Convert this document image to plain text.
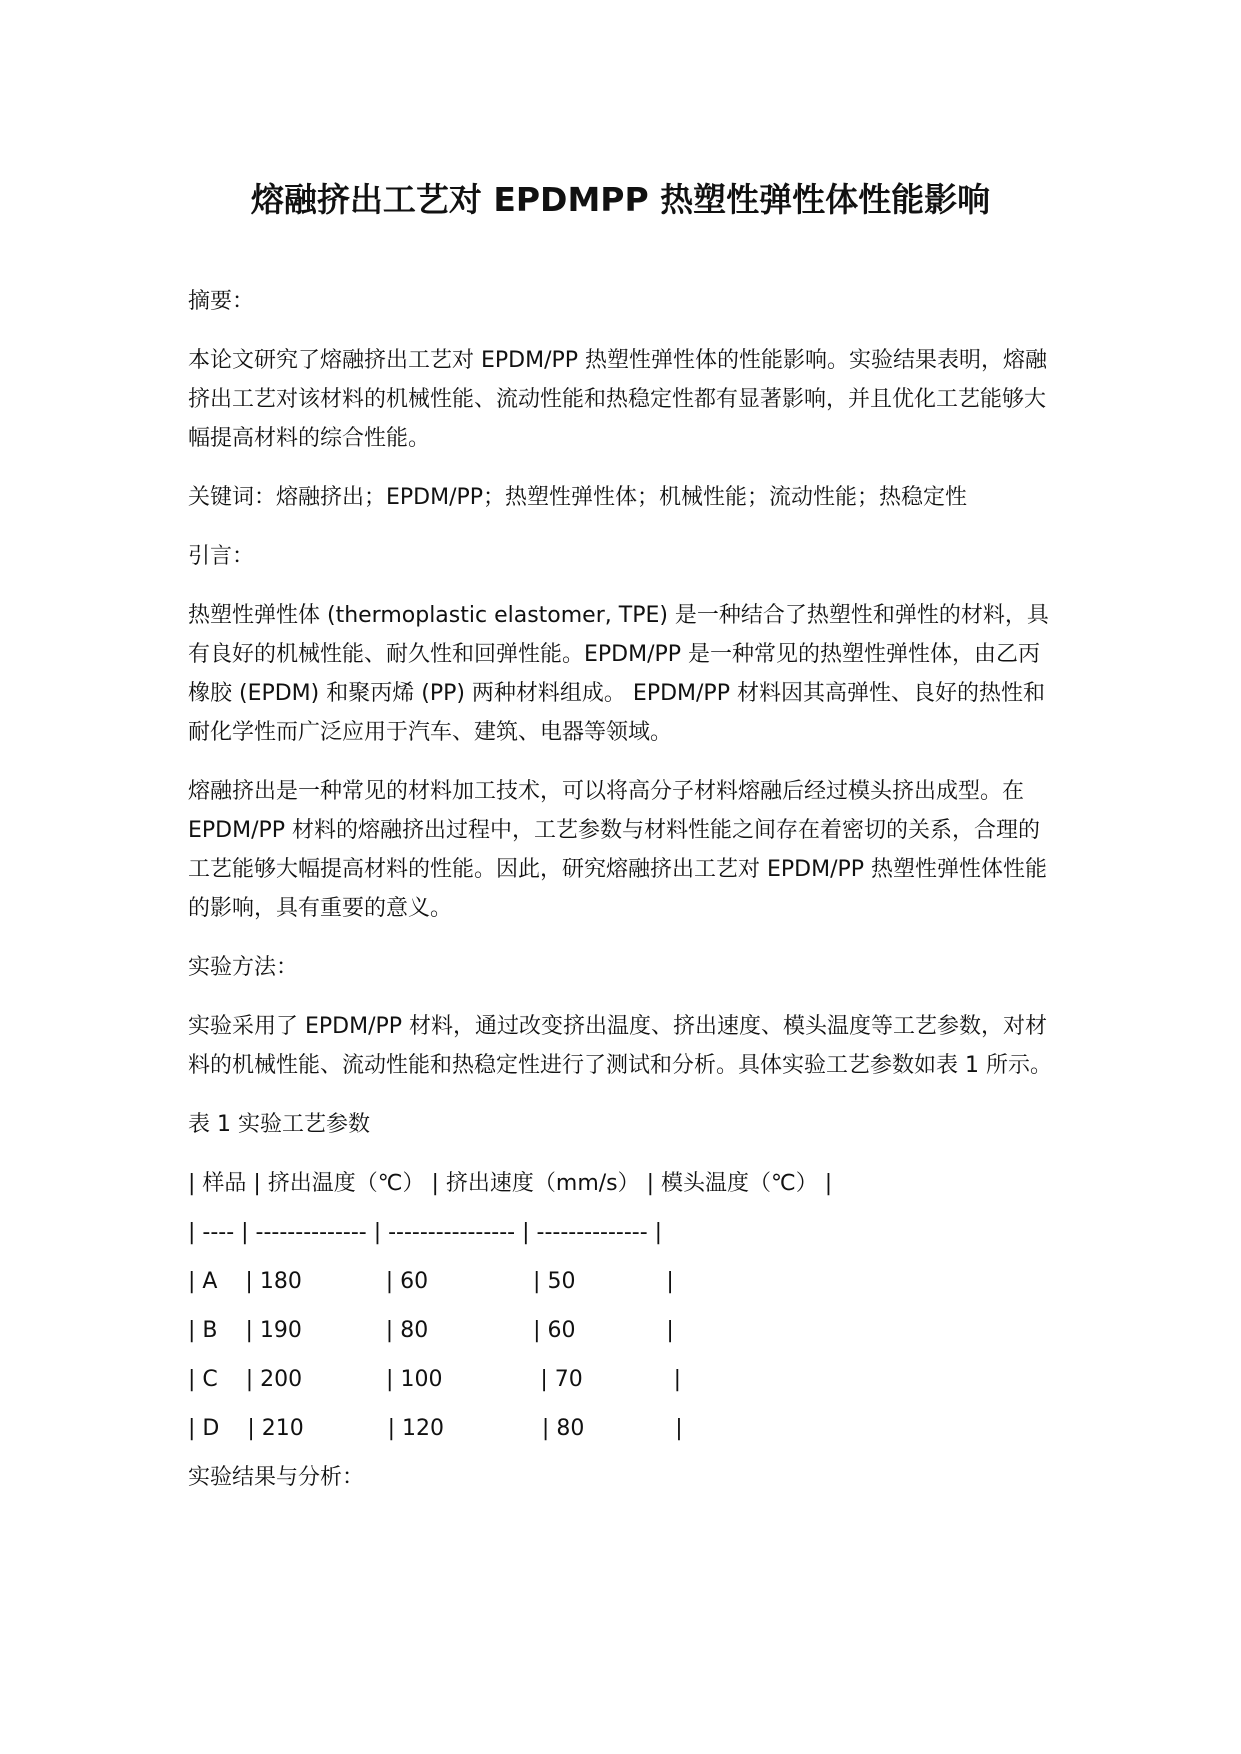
熔融挤出工艺对 EPDMPP 热塑性弹性体性能影响

摘要：

本论文研究了熔融挤出工艺对 EPDM/PP 热塑性弹性体的性能影响。实验结果表明，熔融挤出工艺对该材料的机械性能、流动性能和热稳定性都有显著影响，并且优化工艺能够大幅提高材料的综合性能。

关键词：熔融挤出；EPDM/PP；热塑性弹性体；机械性能；流动性能；热稳定性

引言：

热塑性弹性体 (thermoplastic elastomer, TPE) 是一种结合了热塑性和弹性的材料，具有良好的机械性能、耐久性和回弹性能。EPDM/PP 是一种常见的热塑性弹性体，由乙丙橡胶 (EPDM) 和聚丙烯 (PP) 两种材料组成。 EPDM/PP 材料因其高弹性、良好的热性和耐化学性而广泛应用于汽车、建筑、电器等领域。

熔融挤出是一种常见的材料加工技术，可以将高分子材料熔融后经过模头挤出成型。在 EPDM/PP 材料的熔融挤出过程中，工艺参数与材料性能之间存在着密切的关系，合理的工艺能够大幅提高材料的性能。因此，研究熔融挤出工艺对 EPDM/PP 热塑性弹性体性能的影响，具有重要的意义。

实验方法：

实验采用了 EPDM/PP 材料，通过改变挤出温度、挤出速度、模头温度等工艺参数，对材料的机械性能、流动性能和热稳定性进行了测试和分析。具体实验工艺参数如表 1 所示。

表 1 实验工艺参数

| 样品 | 挤出温度（℃） | 挤出速度（mm/s） | 模头温度（℃） |
| ---- | -------------- | ---------------- | -------------- |
| A    | 180            | 60               | 50             |
| B    | 190            | 80               | 60             |
| C    | 200            | 100              | 70             |
| D    | 210            | 120              | 80             |

实验结果与分析：
